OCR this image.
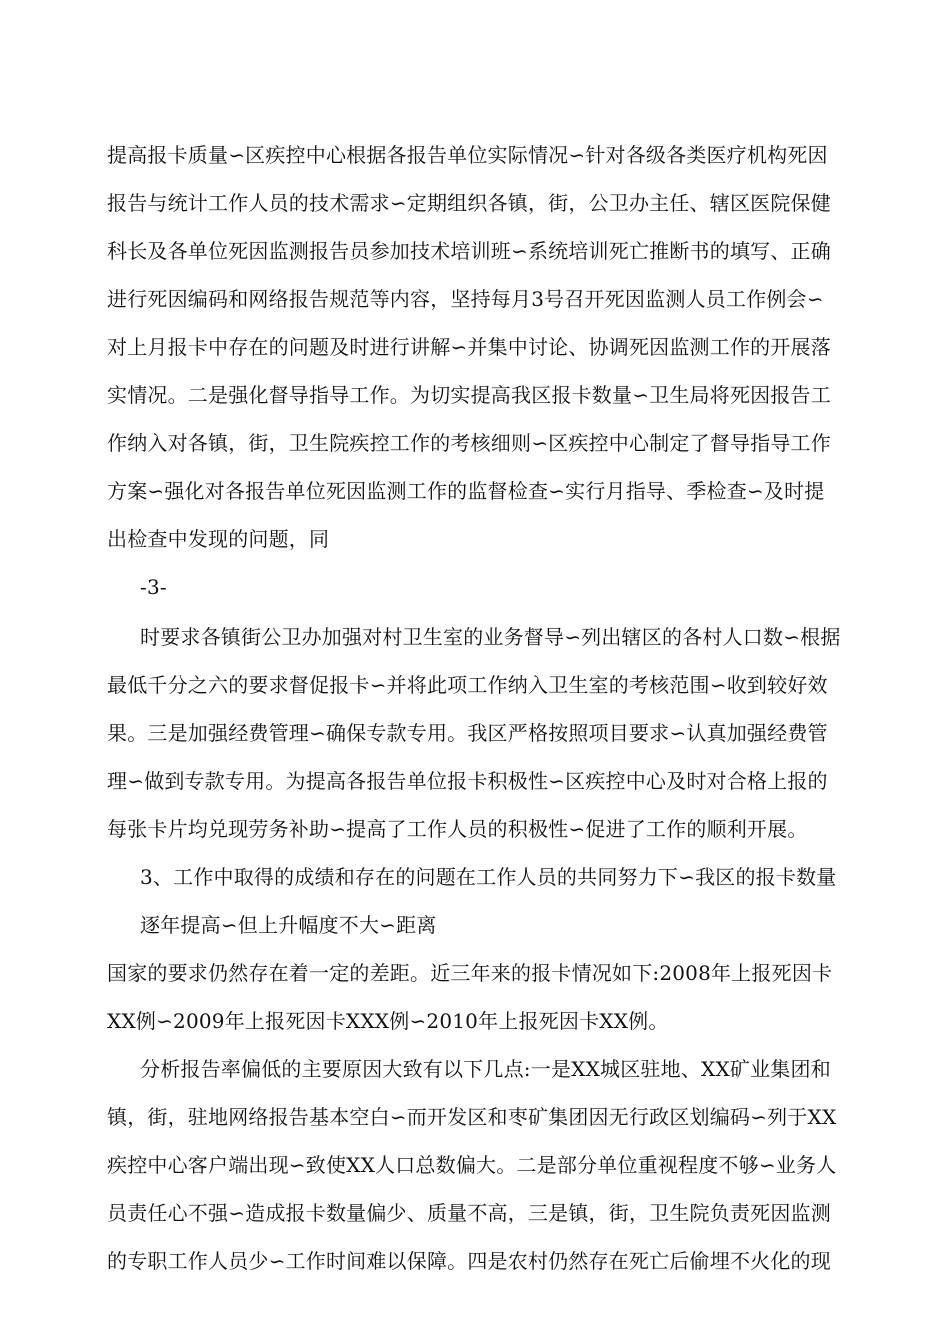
提高报卡质量∽区疾控中心根据各报告单位实际情况∽针对各级各类医疗机构死因
报告与统计工作人员的技术需求∽定期组织各镇，街，公卫办主任、辖区医院保健
科长及各单位死因监测报告员参加技术培训班∽系统培训死亡推断书的填写、正确
进行死因编码和网络报告规范等内容，坚持每月3号召开死因监测人员工作例会∽
对上月报卡中存在的问题及时进行讲解∽并集中讨论、协调死因监测工作的开展落
实情况。二是强化督导指导工作。为切实提高我区报卡数量∽卫生局将死因报告工
作纳入对各镇，街，卫生院疾控工作的考核细则∽区疾控中心制定了督导指导工作
方案∽强化对各报告单位死因监测工作的监督检查∽实行月指导、季检查∽及时提
出检查中发现的问题，同
-3-
时要求各镇街公卫办加强对村卫生室的业务督导∽列出辖区的各村人口数∽根据
最低千分之六的要求督促报卡∽并将此项工作纳入卫生室的考核范围∽收到较好效
果。三是加强经费管理∽确保专款专用。我区严格按照项目要求∽认真加强经费管
理∽做到专款专用。为提高各报告单位报卡积极性∽区疾控中心及时对合格上报的
每张卡片均兑现劳务补助∽提高了工作人员的积极性∽促进了工作的顺利开展。
3、工作中取得的成绩和存在的问题在工作人员的共同努力下∽我区的报卡数量
逐年提高∽但上升幅度不大∽距离
国家的要求仍然存在着一定的差距。近三年来的报卡情况如下:2008年上报死因卡
XX例∽2009年上报死因卡XXX例∽2010年上报死因卡XX例。
分析报告率偏低的主要原因大致有以下几点:一是XX城区驻地、XX矿业集团和
镇，街，驻地网络报告基本空白∽而开发区和枣矿集团因无行政区划编码∽列于XX
疾控中心客户端出现∽致使XX人口总数偏大。二是部分单位重视程度不够∽业务人
员责任心不强∽造成报卡数量偏少、质量不高，三是镇，街，卫生院负责死因监测
的专职工作人员少∽工作时间难以保障。四是农村仍然存在死亡后偷埋不火化的现
